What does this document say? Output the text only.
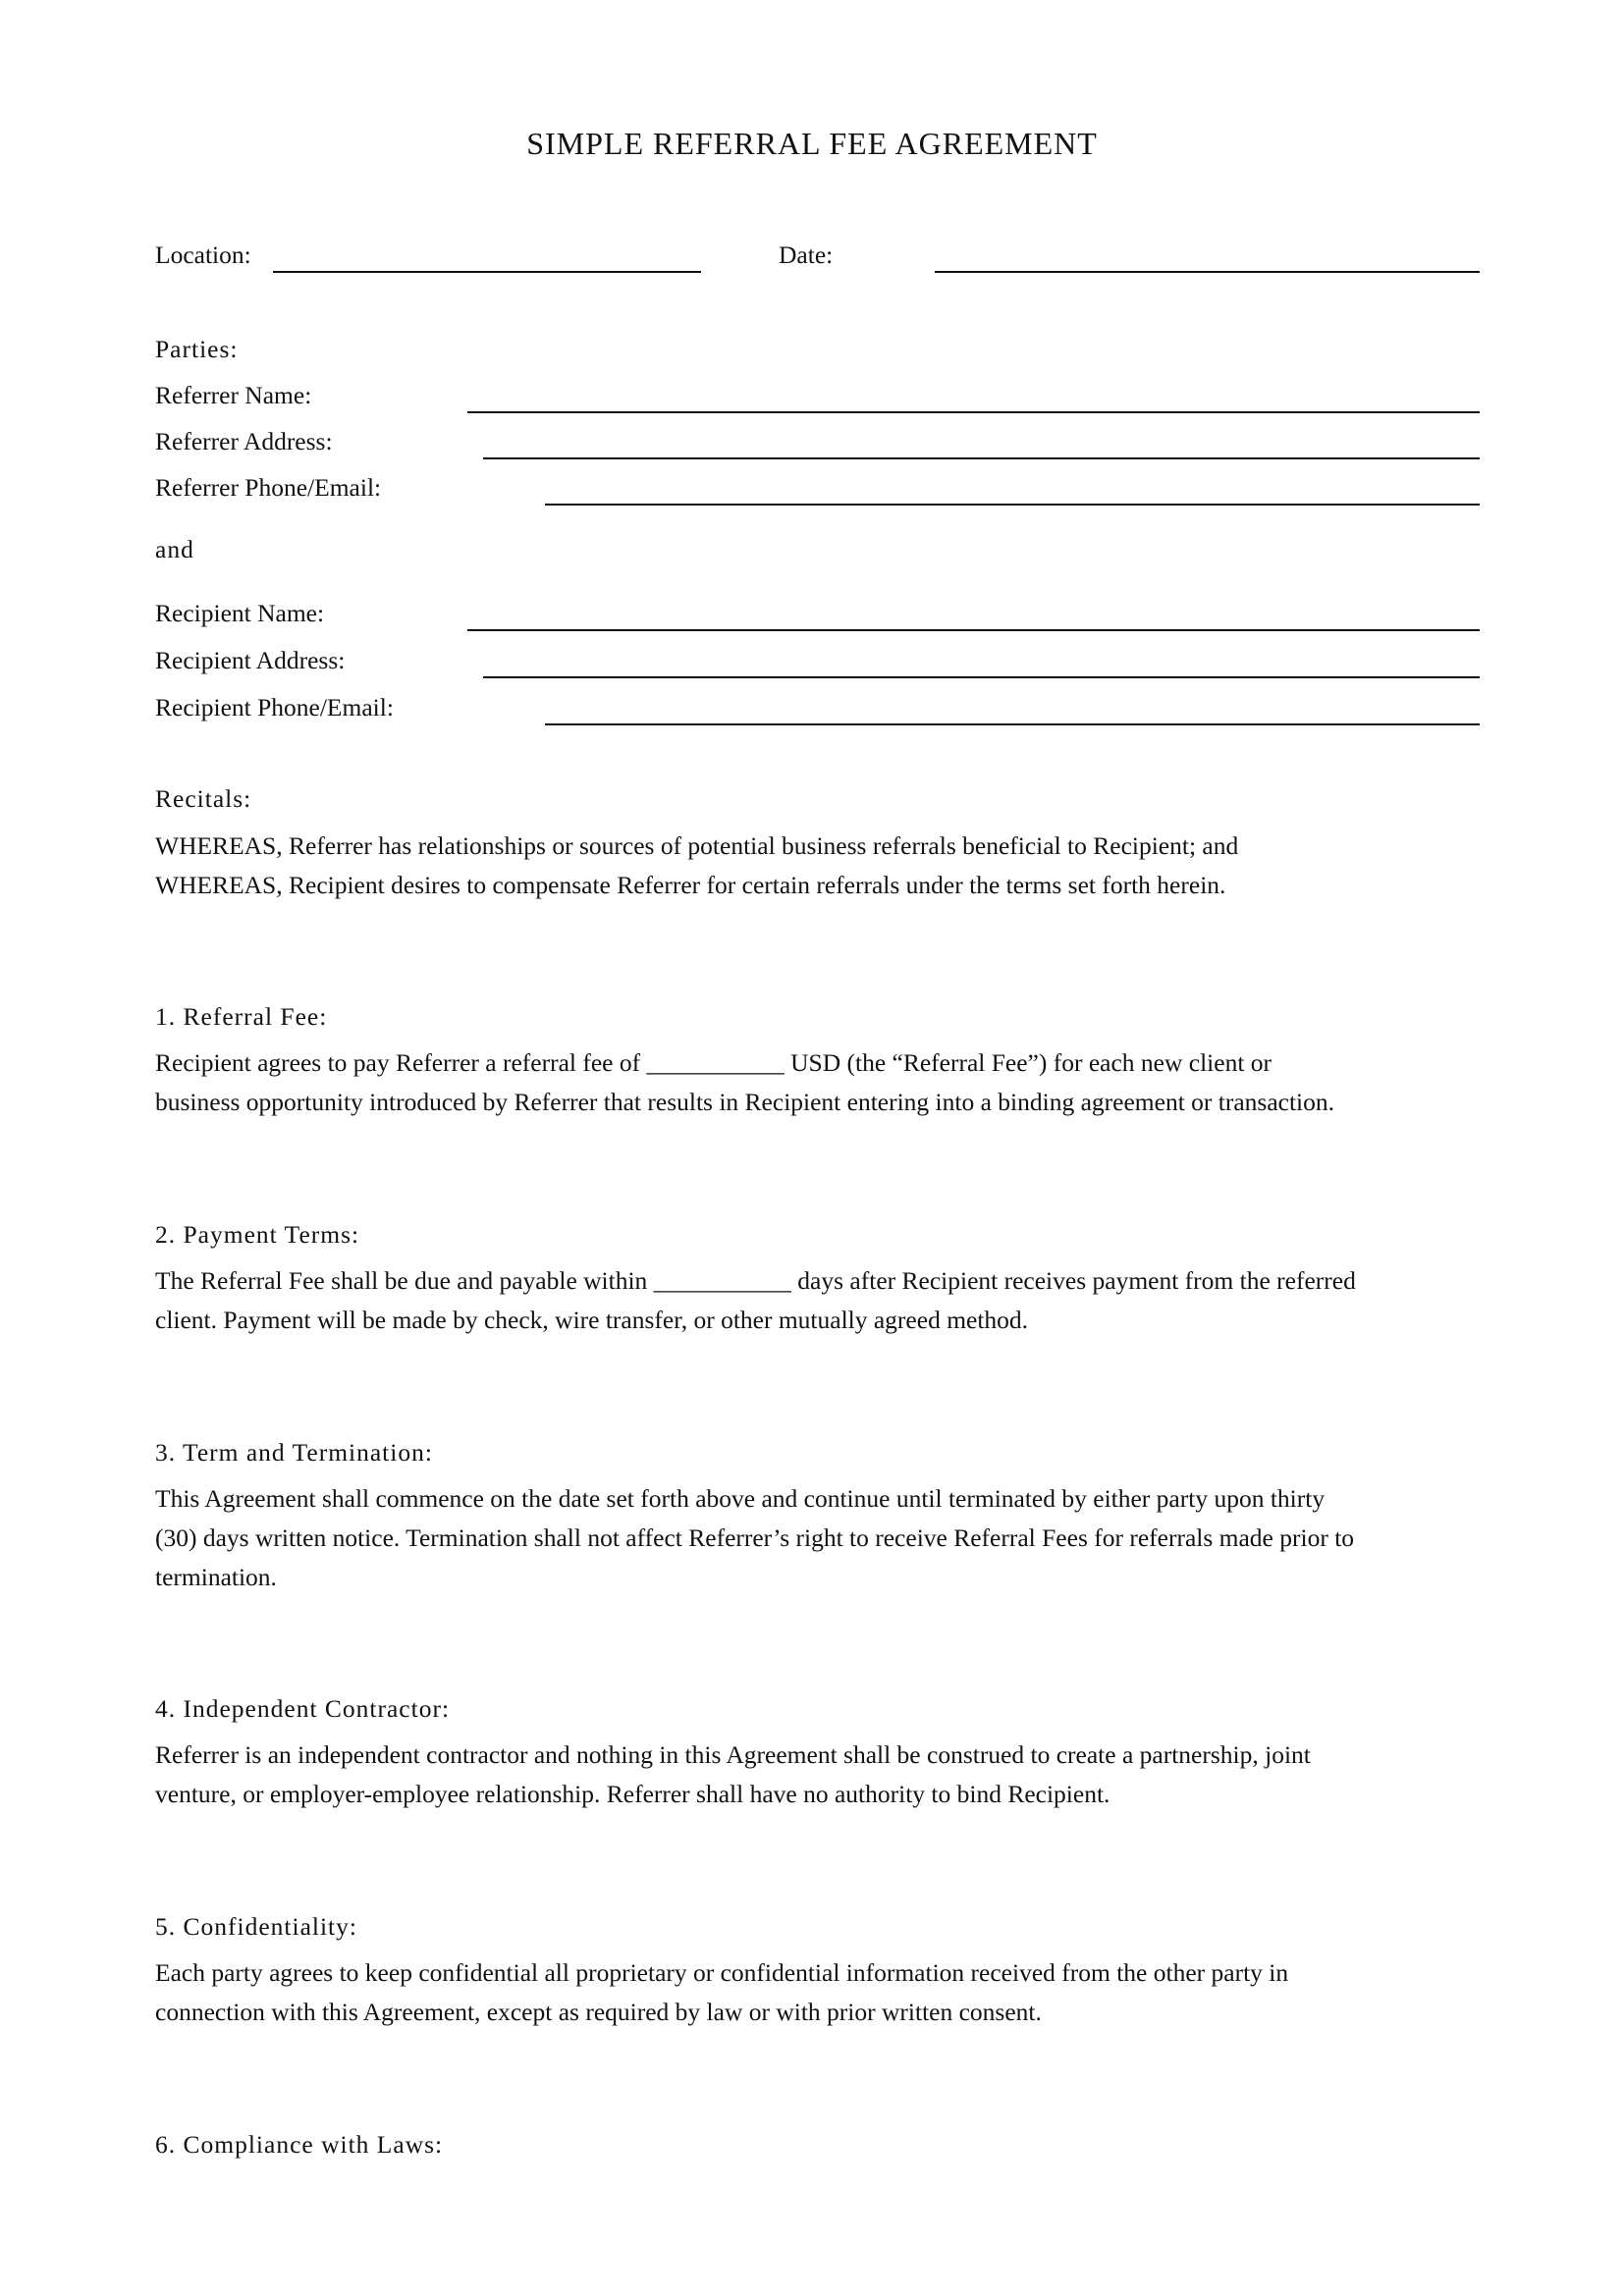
SIMPLE REFERRAL FEE AGREEMENT
Location:	Date:
Parties:
Referrer Name:
Referrer Address:
Referrer Phone/Email:
and
Recipient Name:
Recipient Address:
Recipient Phone/Email:
Recitals:
WHEREAS, Referrer has relationships or sources of potential business referrals beneficial to Recipient; and
WHEREAS, Recipient desires to compensate Referrer for certain referrals under the terms set forth herein.
1. Referral Fee:
Recipient agrees to pay Referrer a referral fee of ___________ USD (the “Referral Fee”) for each new client or
business opportunity introduced by Referrer that results in Recipient entering into a binding agreement or transaction.
2. Payment Terms:
The Referral Fee shall be due and payable within ___________ days after Recipient receives payment from the referred
client. Payment will be made by check, wire transfer, or other mutually agreed method.
3. Term and Termination:
This Agreement shall commence on the date set forth above and continue until terminated by either party upon thirty
(30) days written notice. Termination shall not affect Referrer’s right to receive Referral Fees for referrals made prior to
termination.
4. Independent Contractor:
Referrer is an independent contractor and nothing in this Agreement shall be construed to create a partnership, joint
venture, or employer-employee relationship. Referrer shall have no authority to bind Recipient.
5. Confidentiality:
Each party agrees to keep confidential all proprietary or confidential information received from the other party in
connection with this Agreement, except as required by law or with prior written consent.
6. Compliance with Laws:
